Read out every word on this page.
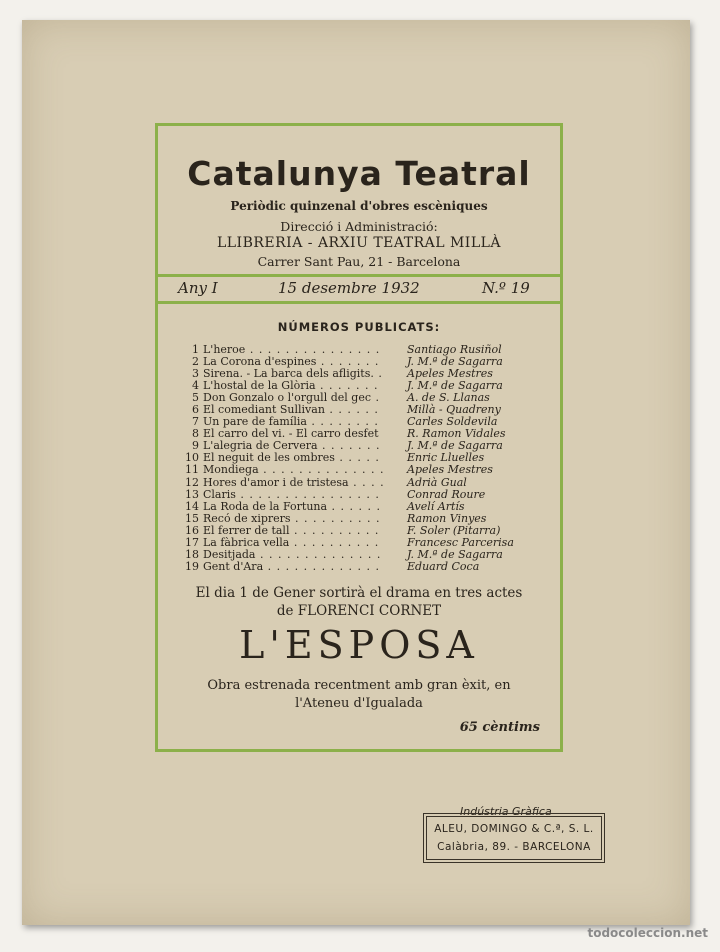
Catalunya Teatral
Periòdic quinzenal d'obres escèniques
Direcció i Administració:
LLIBRERIA - ARXIU TEATRAL MILLÀ
Carrer Sant Pau, 21 - Barcelona
Any I	15 desembre 1932	N.º 19
NÚMEROS PUBLICATS:
1 L'heroe . .	Santiago Rusiñol
2 La Corona d'espines . .	J. M.ª de Sagarra
3 Sirena. - La barca dels afligits. . .	Apeles Mestres
4 L'hostal de la Glòria . .	J. M.ª de Sagarra
5 Don Gonzalo o l'orgull del gec . .	A. de S. Llanas
6 El comediant Sullivan . .	Millà - Quadreny
7 Un pare de família . .	Carles Soldevila
8 El carro del vi. - El carro desfet . .	R. Ramon Vidales
9 L'alegria de Cervera . .	J. M.ª de Sagarra
10 El neguit de les ombres . .	Enric Lluelles
11 Mondiega . .	Apeles Mestres
12 Hores d'amor i de tristesa . .	Adrià Gual
13 Claris . .	Conrad Roure
14 La Roda de la Fortuna . .	Avelí Artís
15 Recó de xiprers . .	Ramon Vinyes
16 El ferrer de tall . .	F. Soler (Pitarra)
17 La fàbrica vella . .	Francesc Parcerisa
18 Desitjada . .	J. M.ª de Sagarra
19 Gent d'Ara . .	Eduard Coca
El dia 1 de Gener sortirà el drama en tres actes
de FLORENCI CORNET
L'ESPOSA
Obra estrenada recentment amb gran èxit, en
l'Ateneu d'Igualada
65 cèntims
Indústria Gràfica
ALEU, DOMINGO & C.ª, S. L.
Calàbria, 89. - BARCELONA
todocoleccion.net
